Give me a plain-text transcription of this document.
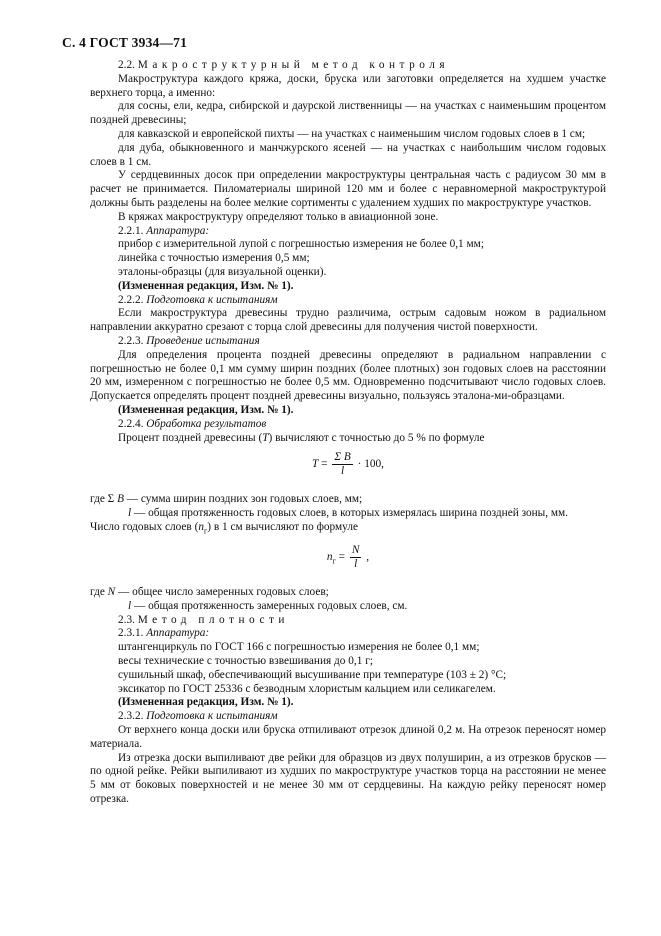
С. 4 ГОСТ 3934—71

2.2. Макроструктурный метод контроля

Макроструктура каждого кряжа, доски, бруска или заготовки определяется на худшем участке верхнего торца, а именно:

для сосны, ели, кедра, сибирской и даурской лиственницы — на участках с наименьшим процентом поздней древесины;

для кавказской и европейской пихты — на участках с наименьшим числом годовых слоев в 1 см;

для дуба, обыкновенного и манчжурского ясеней — на участках с наибольшим числом годовых слоев в 1 см.

У сердцевинных досок при определении макроструктуры центральная часть с радиусом 30 мм в расчет не принимается. Пиломатериалы шириной 120 мм и более с неравномерной макроструктурой должны быть разделены на более мелкие сортименты с удалением худших по макроструктуре участков.

В кряжах макроструктуру определяют только в авиационной зоне.

2.2.1. Аппаратура:

прибор с измерительной лупой с погрешностью измерения не более 0,1 мм;

линейка с точностью измерения 0,5 мм;

эталоны-образцы (для визуальной оценки).

(Измененная редакция, Изм. № 1).

2.2.2. Подготовка к испытаниям

Если макроструктура древесины трудно различима, острым садовым ножом в радиальном направлении аккуратно срезают с торца слой древесины для получения чистой поверхности.

2.2.3. Проведение испытания

Для определения процента поздней древесины определяют в радиальном направлении с погрешностью не более 0,1 мм сумму ширин поздних (более плотных) зон годовых слоев на расстоянии 20 мм, измеренном с погрешностью не более 0,5 мм. Одновременно подсчитывают число годовых слоев. Допускается определять процент поздней древесины визуально, пользуясь эталона-ми-образцами.

(Измененная редакция, Изм. № 1).

2.2.4. Обработка результатов

Процент поздней древесины (T) вычисляют с точностью до 5 % по формуле

$T = \frac{\text{Σ B}}{l} \cdot 100$,

где Σ B — сумма ширин поздних зон годовых слоев, мм;

l — общая протяженность годовых слоев, в которых измерялась ширина поздней зоны, мм.

Число годовых слоев $(n_г)$ в 1 см вычисляют по формуле

$n_г = \frac{N}{l}$ ,

где N — общее число замеренных годовых слоев;

l — общая протяженность замеренных годовых слоев, см.

2.3. Метод плотности

2.3.1. Аппаратура:

штангенциркуль по ГОСТ 166 с погрешностью измерения не более 0,1 мм;

весы технические с точностью взвешивания до 0,1 г;

сушильный шкаф, обеспечивающий высушивание при температуре (103 ± 2) °С;

эксикатор по ГОСТ 25336 с безводным хлористым кальцием или селикагелем.

(Измененная редакция, Изм. № 1).

2.3.2. Подготовка к испытаниям

От верхнего конца доски или бруска отпиливают отрезок длиной 0,2 м. На отрезок переносят номер материала.

Из отрезка доски выпиливают две рейки для образцов из двух полуширин, а из отрезков брусков — по одной рейке. Рейки выпиливают из худших по макроструктуре участков торца на расстоянии не менее 5 мм от боковых поверхностей и не менее 30 мм от сердцевины. На каждую рейку переносят номер отрезка.
